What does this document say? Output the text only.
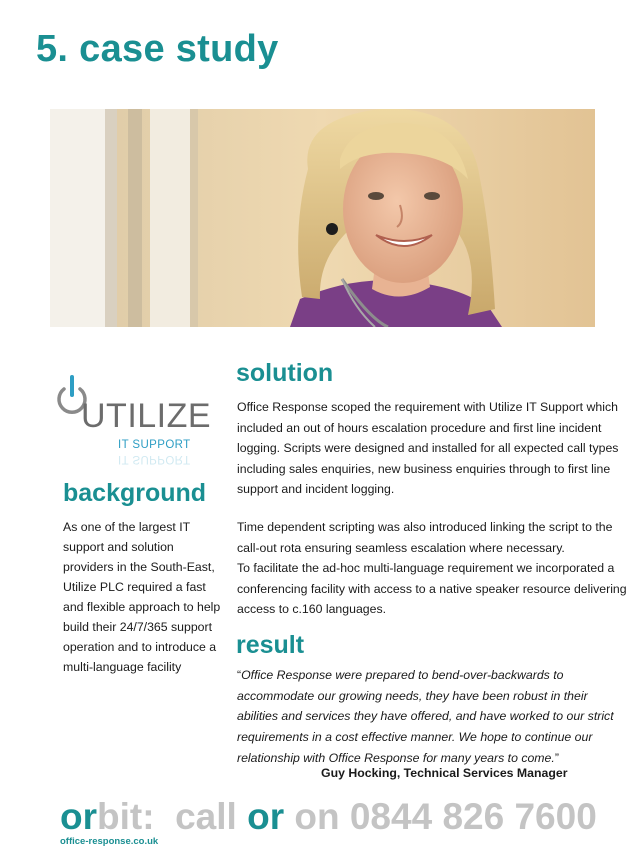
5. case study

UTILIZE

IT SUPPORT
IT SUPPORT
background

As one of the largest IT support and solution providers in the South-East, Utilize PLC required a fast and flexible approach to help build their 24/7/365 support operation and to introduce a multi-language facility

solution

Office Response scoped the requirement with Utilize IT Support which included an out of hours escalation procedure and first line incident logging. Scripts were designed and installed for all expected call types including sales enquiries, new business enquiries through to first line support and incident logging.

Time dependent scripting was also introduced linking the script to the call-out rota ensuring seamless escalation where necessary.
To facilitate the ad-hoc multi-language requirement we incorporated a conferencing facility with access to a native speaker resource delivering access to c.160 languages.
result

“Office Response were prepared to bend-over-backwards to accommodate our growing needs, they have been robust in their abilities and services they have offered, and have worked to our strict requirements in a cost effective manner. We hope to continue our relationship with Office Response for many years to come.”

Guy Hocking, Technical Services Manager

orbit: call or on 0844 826 7600
office-response.co.uk
